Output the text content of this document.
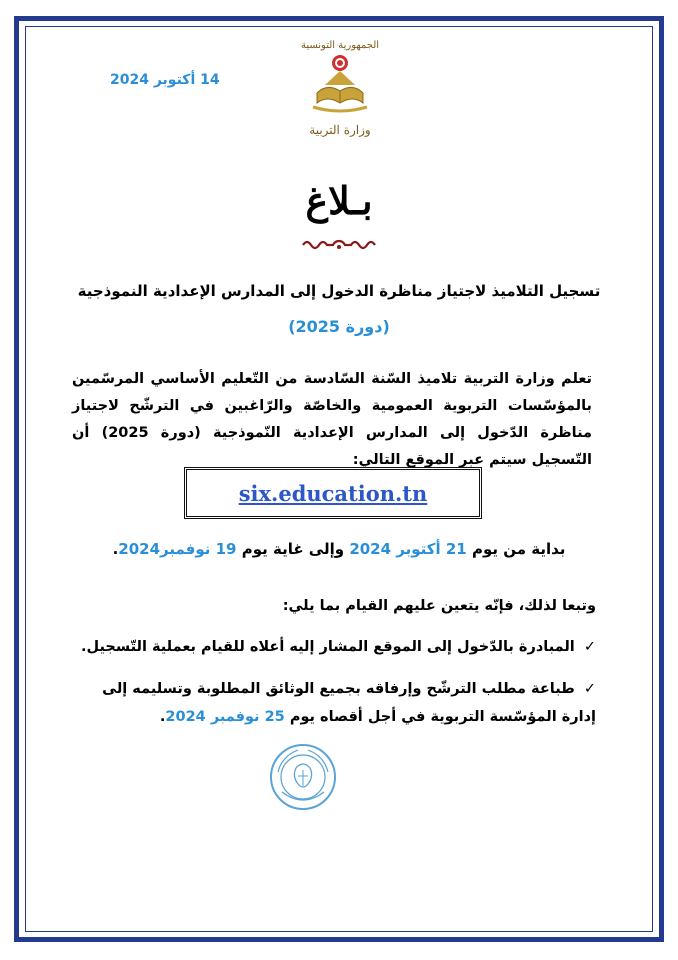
14 أكتوبر 2024
الجمهورية التونسية
وزارة التربية
بـلاغ
تسجيل التلاميذ لاجتياز مناظرة الدخول إلى المدارس الإعدادية النموذجية
(دورة 2025)
تعلم وزارة التربية تلاميذ السّنة السّادسة من التّعليم الأساسي المرسّمين بالمؤسّسات التربوية العمومية والخاصّة والرّاغبين في الترشّح لاجتياز مناظرة الدّخول إلى المدارس الإعدادية النّموذجية (دورة 2025) أن التّسجيل سيتم عبر الموقع التالي:
six.education.tn
بداية من يوم 21 أكتوبر 2024 وإلى غاية يوم 19 نوفمبر2024.
وتبعا لذلك، فإنّه يتعين عليهم القيام بما يلي:
✓ المبادرة بالدّخول إلى الموقع المشار إليه أعلاه للقيام بعملية التّسجيل.
✓ طباعة مطلب الترشّح وإرفاقه بجميع الوثائق المطلوبة وتسليمه إلى إدارة المؤسّسة التربوية في أجل أقصاه يوم 25 نوفمبر 2024.
